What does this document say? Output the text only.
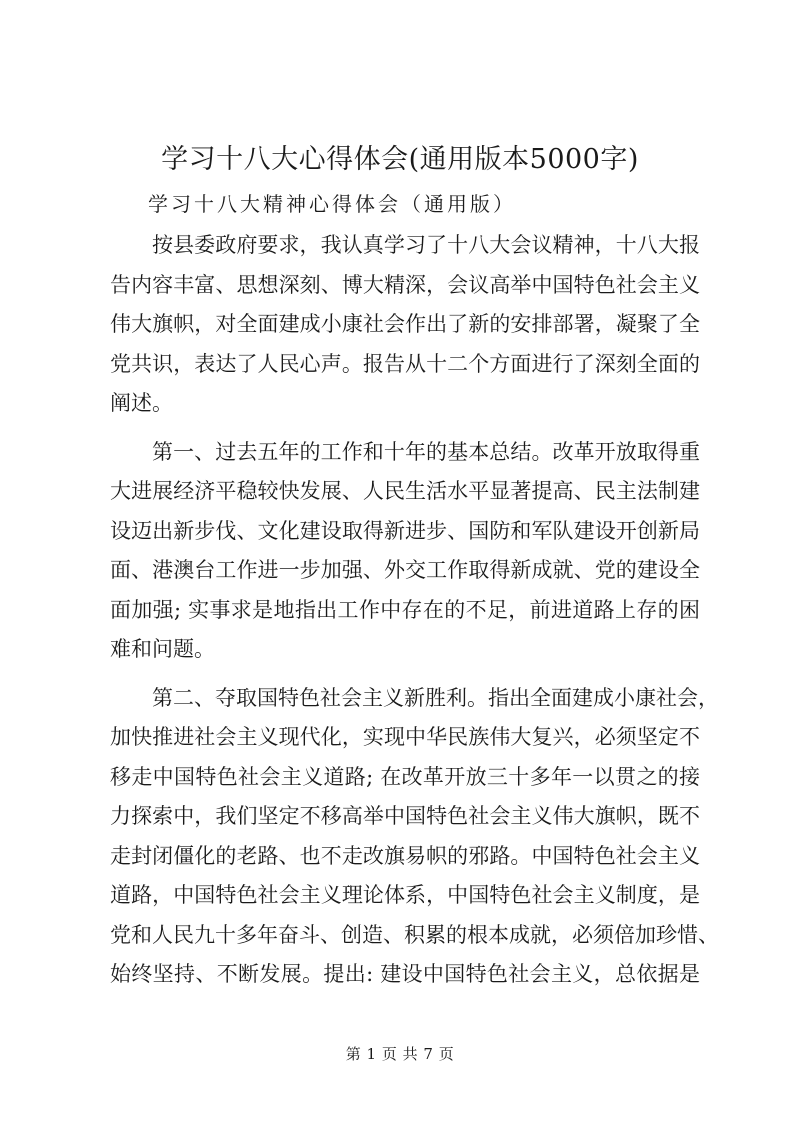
学习十八大心得体会(通用版本5000字)
学习十八大精神心得体会（通用版）
按县委政府要求，我认真学习了十八大会议精神，十八大报
告内容丰富、思想深刻、博大精深，会议高举中国特色社会主义
伟大旗帜，对全面建成小康社会作出了新的安排部署，凝聚了全
党共识，表达了人民心声。报告从十二个方面进行了深刻全面的
阐述。
第一、过去五年的工作和十年的基本总结。改革开放取得重
大进展经济平稳较快发展、人民生活水平显著提高、民主法制建
设迈出新步伐、文化建设取得新进步、国防和军队建设开创新局
面、港澳台工作进一步加强、外交工作取得新成就、党的建设全
面加强; 实事求是地指出工作中存在的不足，前进道路上存的困
难和问题。
第二、夺取国特色社会主义新胜利。指出全面建成小康社会，
加快推进社会主义现代化，实现中华民族伟大复兴，必须坚定不
移走中国特色社会主义道路; 在改革开放三十多年一以贯之的接
力探索中，我们坚定不移高举中国特色社会主义伟大旗帜，既不
走封闭僵化的老路、也不走改旗易帜的邪路。中国特色社会主义
道路，中国特色社会主义理论体系，中国特色社会主义制度，是
党和人民九十多年奋斗、创造、积累的根本成就，必须倍加珍惜、
始终坚持、不断发展。提出: 建设中国特色社会主义，总依据是
第 1 页 共 7 页
